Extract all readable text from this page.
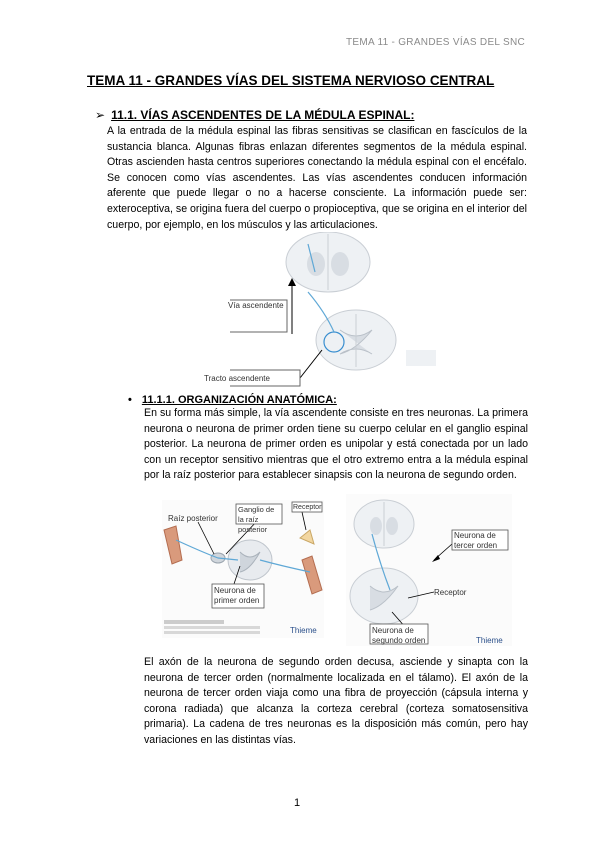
TEMA 11 - GRANDES VÍAS DEL SNC
TEMA 11 - GRANDES VÍAS DEL SISTEMA NERVIOSO CENTRAL
➢ 11.1. VÍAS ASCENDENTES DE LA MÉDULA ESPINAL:
A la entrada de la médula espinal las fibras sensitivas se clasifican en fascículos de la sustancia blanca. Algunas fibras enlazan diferentes segmentos de la médula espinal. Otras ascienden hasta centros superiores conectando la médula espinal con el encéfalo. Se conocen como vías ascendentes. Las vías ascendentes conducen información aferente que puede llegar o no a hacerse consciente. La información puede ser: exteroceptiva, se origina fuera del cuerpo o propioceptiva, que se origina en el interior del cuerpo, por ejemplo, en los músculos y las articulaciones.
Vía ascendente
Tracto ascendente
• 11.1.1. ORGANIZACIÓN ANATÓMICA:
En su forma más simple, la vía ascendente consiste en tres neuronas. La primera neurona o neurona de primer orden tiene su cuerpo celular en el ganglio espinal posterior. La neurona de primer orden es unipolar y está conectada por un lado con un receptor sensitivo mientras que el otro extremo entra a la médula espinal por la raíz posterior para establecer sinapsis con la neurona de segundo orden.
Raíz posterior
Ganglio de la raíz posterior
Receptor
Neurona de primer orden
Thieme
Neurona de tercer orden
Receptor
Neurona de segundo orden	Thieme
El axón de la neurona de segundo orden decusa, asciende y sinapta con la neurona de tercer orden (normalmente localizada en el tálamo). El axón de la neurona de tercer orden viaja como una fibra de proyección (cápsula interna y corona radiada) que alcanza la corteza cerebral (corteza somatosensitiva primaria). La cadena de tres neuronas es la disposición más común, pero hay variaciones en las distintas vías.
1
